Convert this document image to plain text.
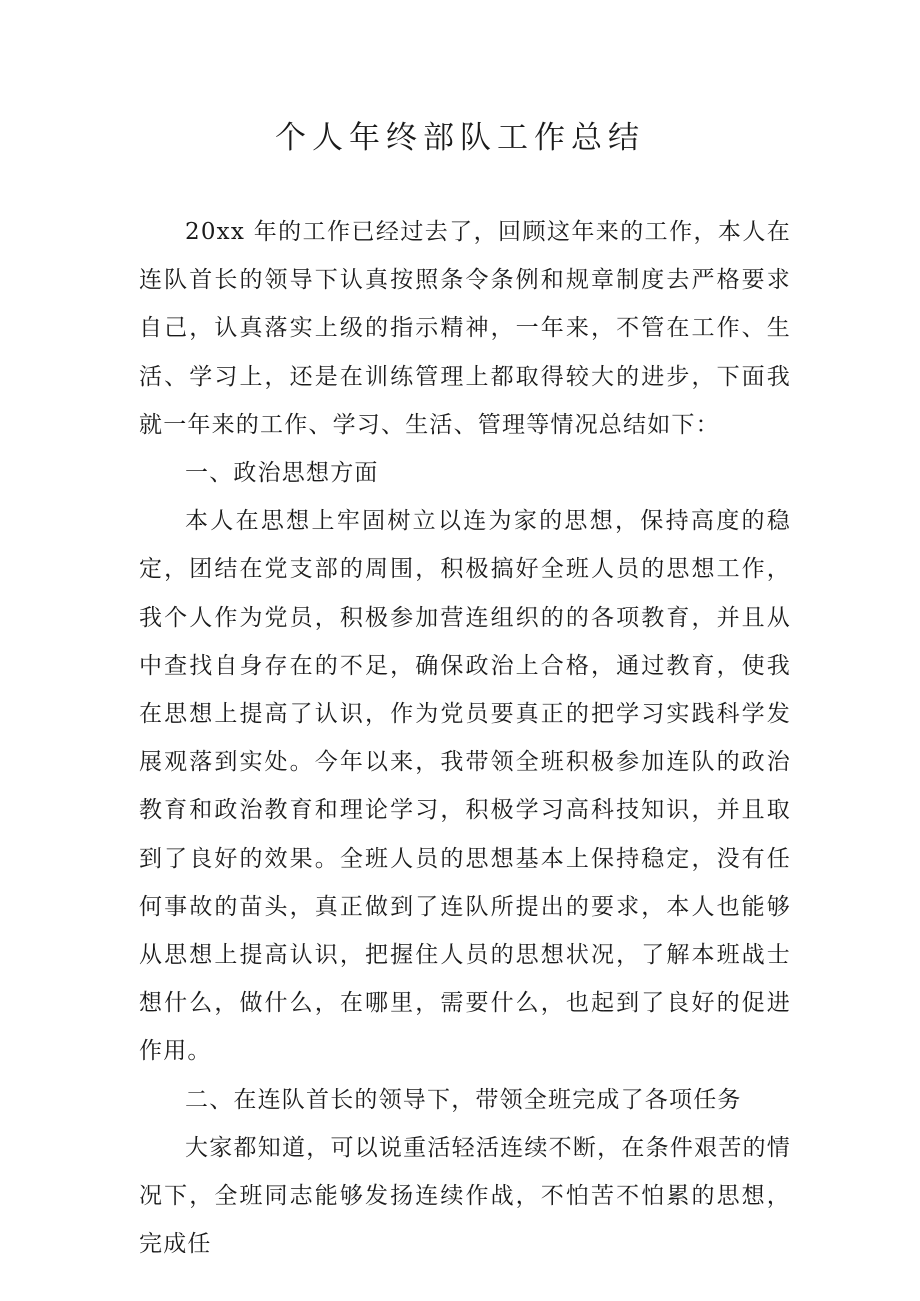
个人年终部队工作总结

20xx 年的工作已经过去了，回顾这年来的工作，本人在连队首长的领导下认真按照条令条例和规章制度去严格要求自己，认真落实上级的指示精神，一年来，不管在工作、生活、学习上，还是在训练管理上都取得较大的进步，下面我就一年来的工作、学习、生活、管理等情况总结如下：

一、政治思想方面

本人在思想上牢固树立以连为家的思想，保持高度的稳定，团结在党支部的周围，积极搞好全班人员的思想工作，我个人作为党员，积极参加营连组织的的各项教育，并且从中查找自身存在的不足，确保政治上合格，通过教育，使我在思想上提高了认识，作为党员要真正的把学习实践科学发展观落到实处。今年以来，我带领全班积极参加连队的政治教育和政治教育和理论学习，积极学习高科技知识，并且取到了良好的效果。全班人员的思想基本上保持稳定，没有任何事故的苗头，真正做到了连队所提出的要求，本人也能够从思想上提高认识，把握住人员的思想状况，了解本班战士想什么，做什么，在哪里，需要什么，也起到了良好的促进作用。

二、在连队首长的领导下，带领全班完成了各项任务

大家都知道，可以说重活轻活连续不断，在条件艰苦的情况下，全班同志能够发扬连续作战，不怕苦不怕累的思想，完成任
